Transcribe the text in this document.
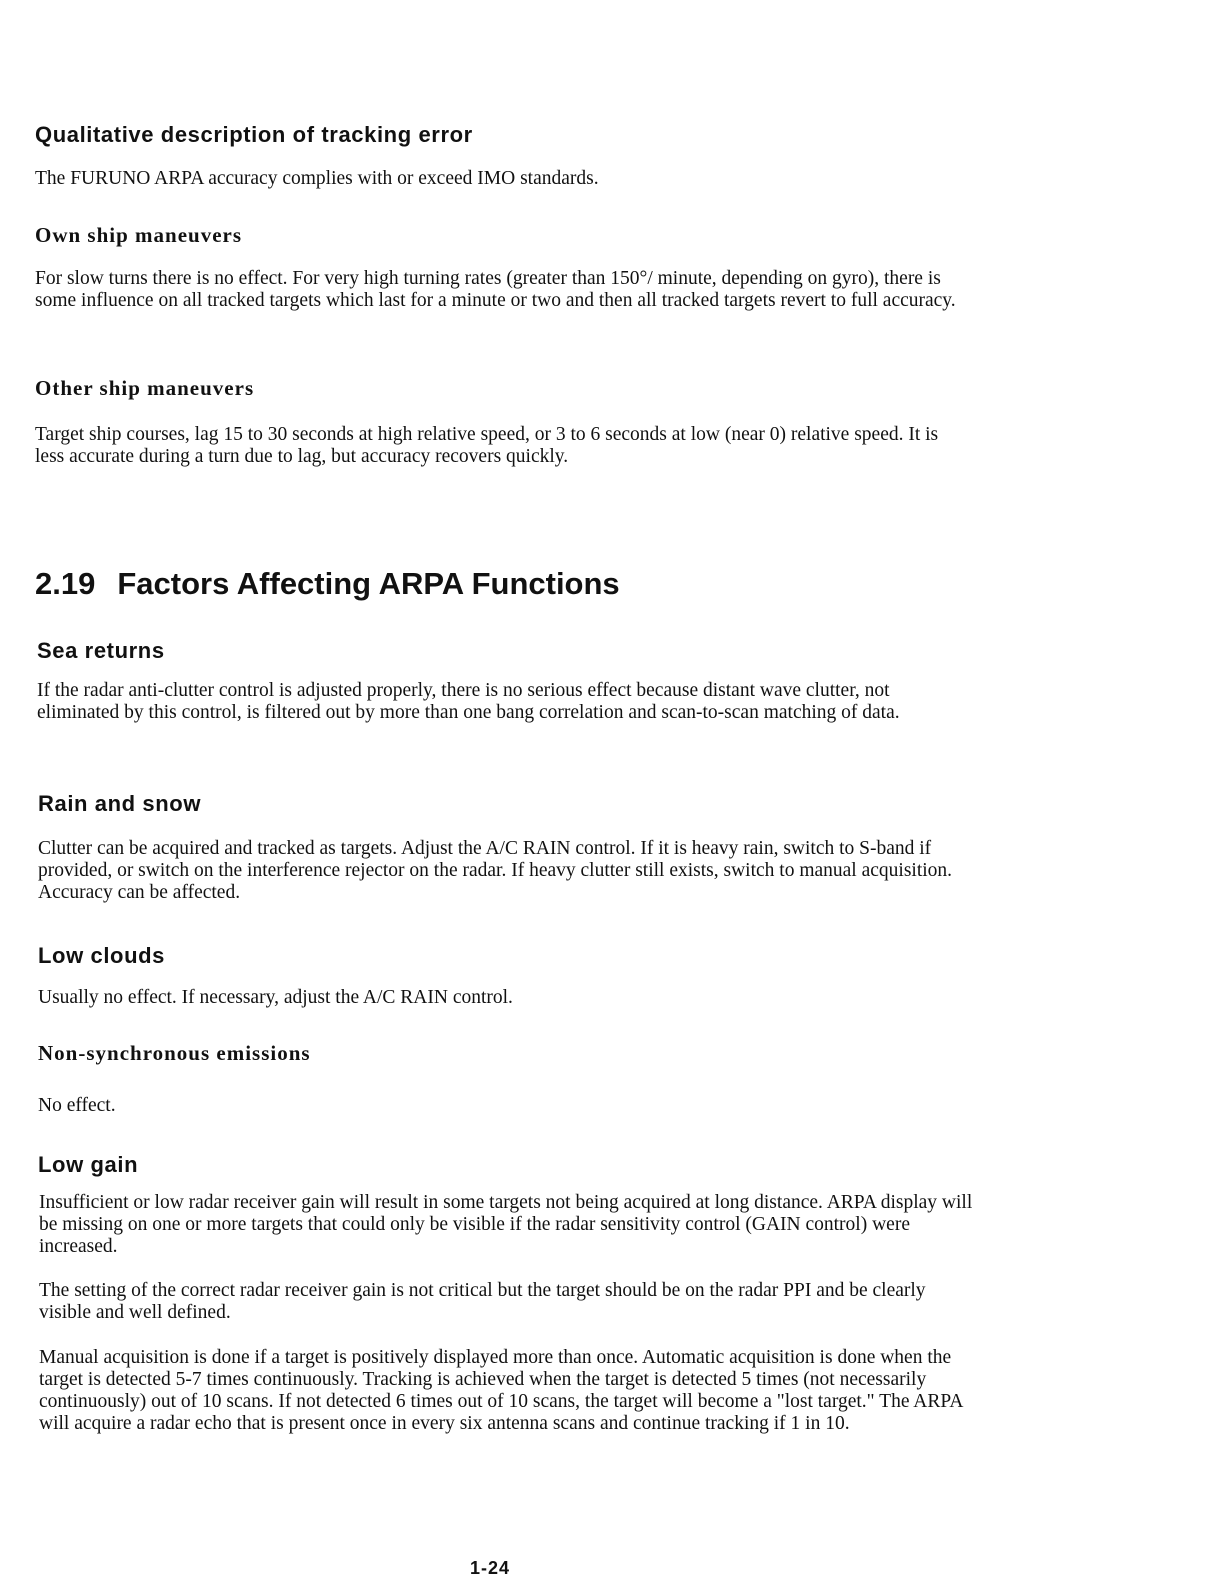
Qualitative description of tracking error

The FURUNO ARPA accuracy complies with or exceed IMO standards.

Own ship maneuvers

For slow turns there is no effect. For very high turning rates (greater than 150°/ minute, depending on gyro), there is some influence on all tracked targets which last for a minute or two and then all tracked targets revert to full accuracy.

Other ship maneuvers

Target ship courses, lag 15 to 30 seconds at high relative speed, or 3 to 6 seconds at low (near 0) relative speed. It is less accurate during a turn due to lag, but accuracy recovers quickly.

2.19 Factors Affecting ARPA Functions
Sea returns

If the radar anti-clutter control is adjusted properly, there is no serious effect because distant wave clutter, not eliminated by this control, is filtered out by more than one bang correlation and scan-to-scan matching of data.

Rain and snow

Clutter can be acquired and tracked as targets. Adjust the A/C RAIN control. If it is heavy rain, switch to S-band if provided, or switch on the interference rejector on the radar. If heavy clutter still exists, switch to manual acquisition. Accuracy can be affected.

Low clouds

Usually no effect. If necessary, adjust the A/C RAIN control.

Non-synchronous emissions

No effect.

Low gain

Insufficient or low radar receiver gain will result in some targets not being acquired at long distance. ARPA display will be missing on one or more targets that could only be visible if the radar sensitivity control (GAIN control) were increased.

The setting of the correct radar receiver gain is not critical but the target should be on the radar PPI and be clearly visible and well defined.

Manual acquisition is done if a target is positively displayed more than once. Automatic acquisition is done when the target is detected 5-7 times continuously. Tracking is achieved when the target is detected 5 times (not necessarily continuously) out of 10 scans. If not detected 6 times out of 10 scans, the target will become a "lost target." The ARPA will acquire a radar echo that is present once in every six antenna scans and continue tracking if 1 in 10.

1-24
